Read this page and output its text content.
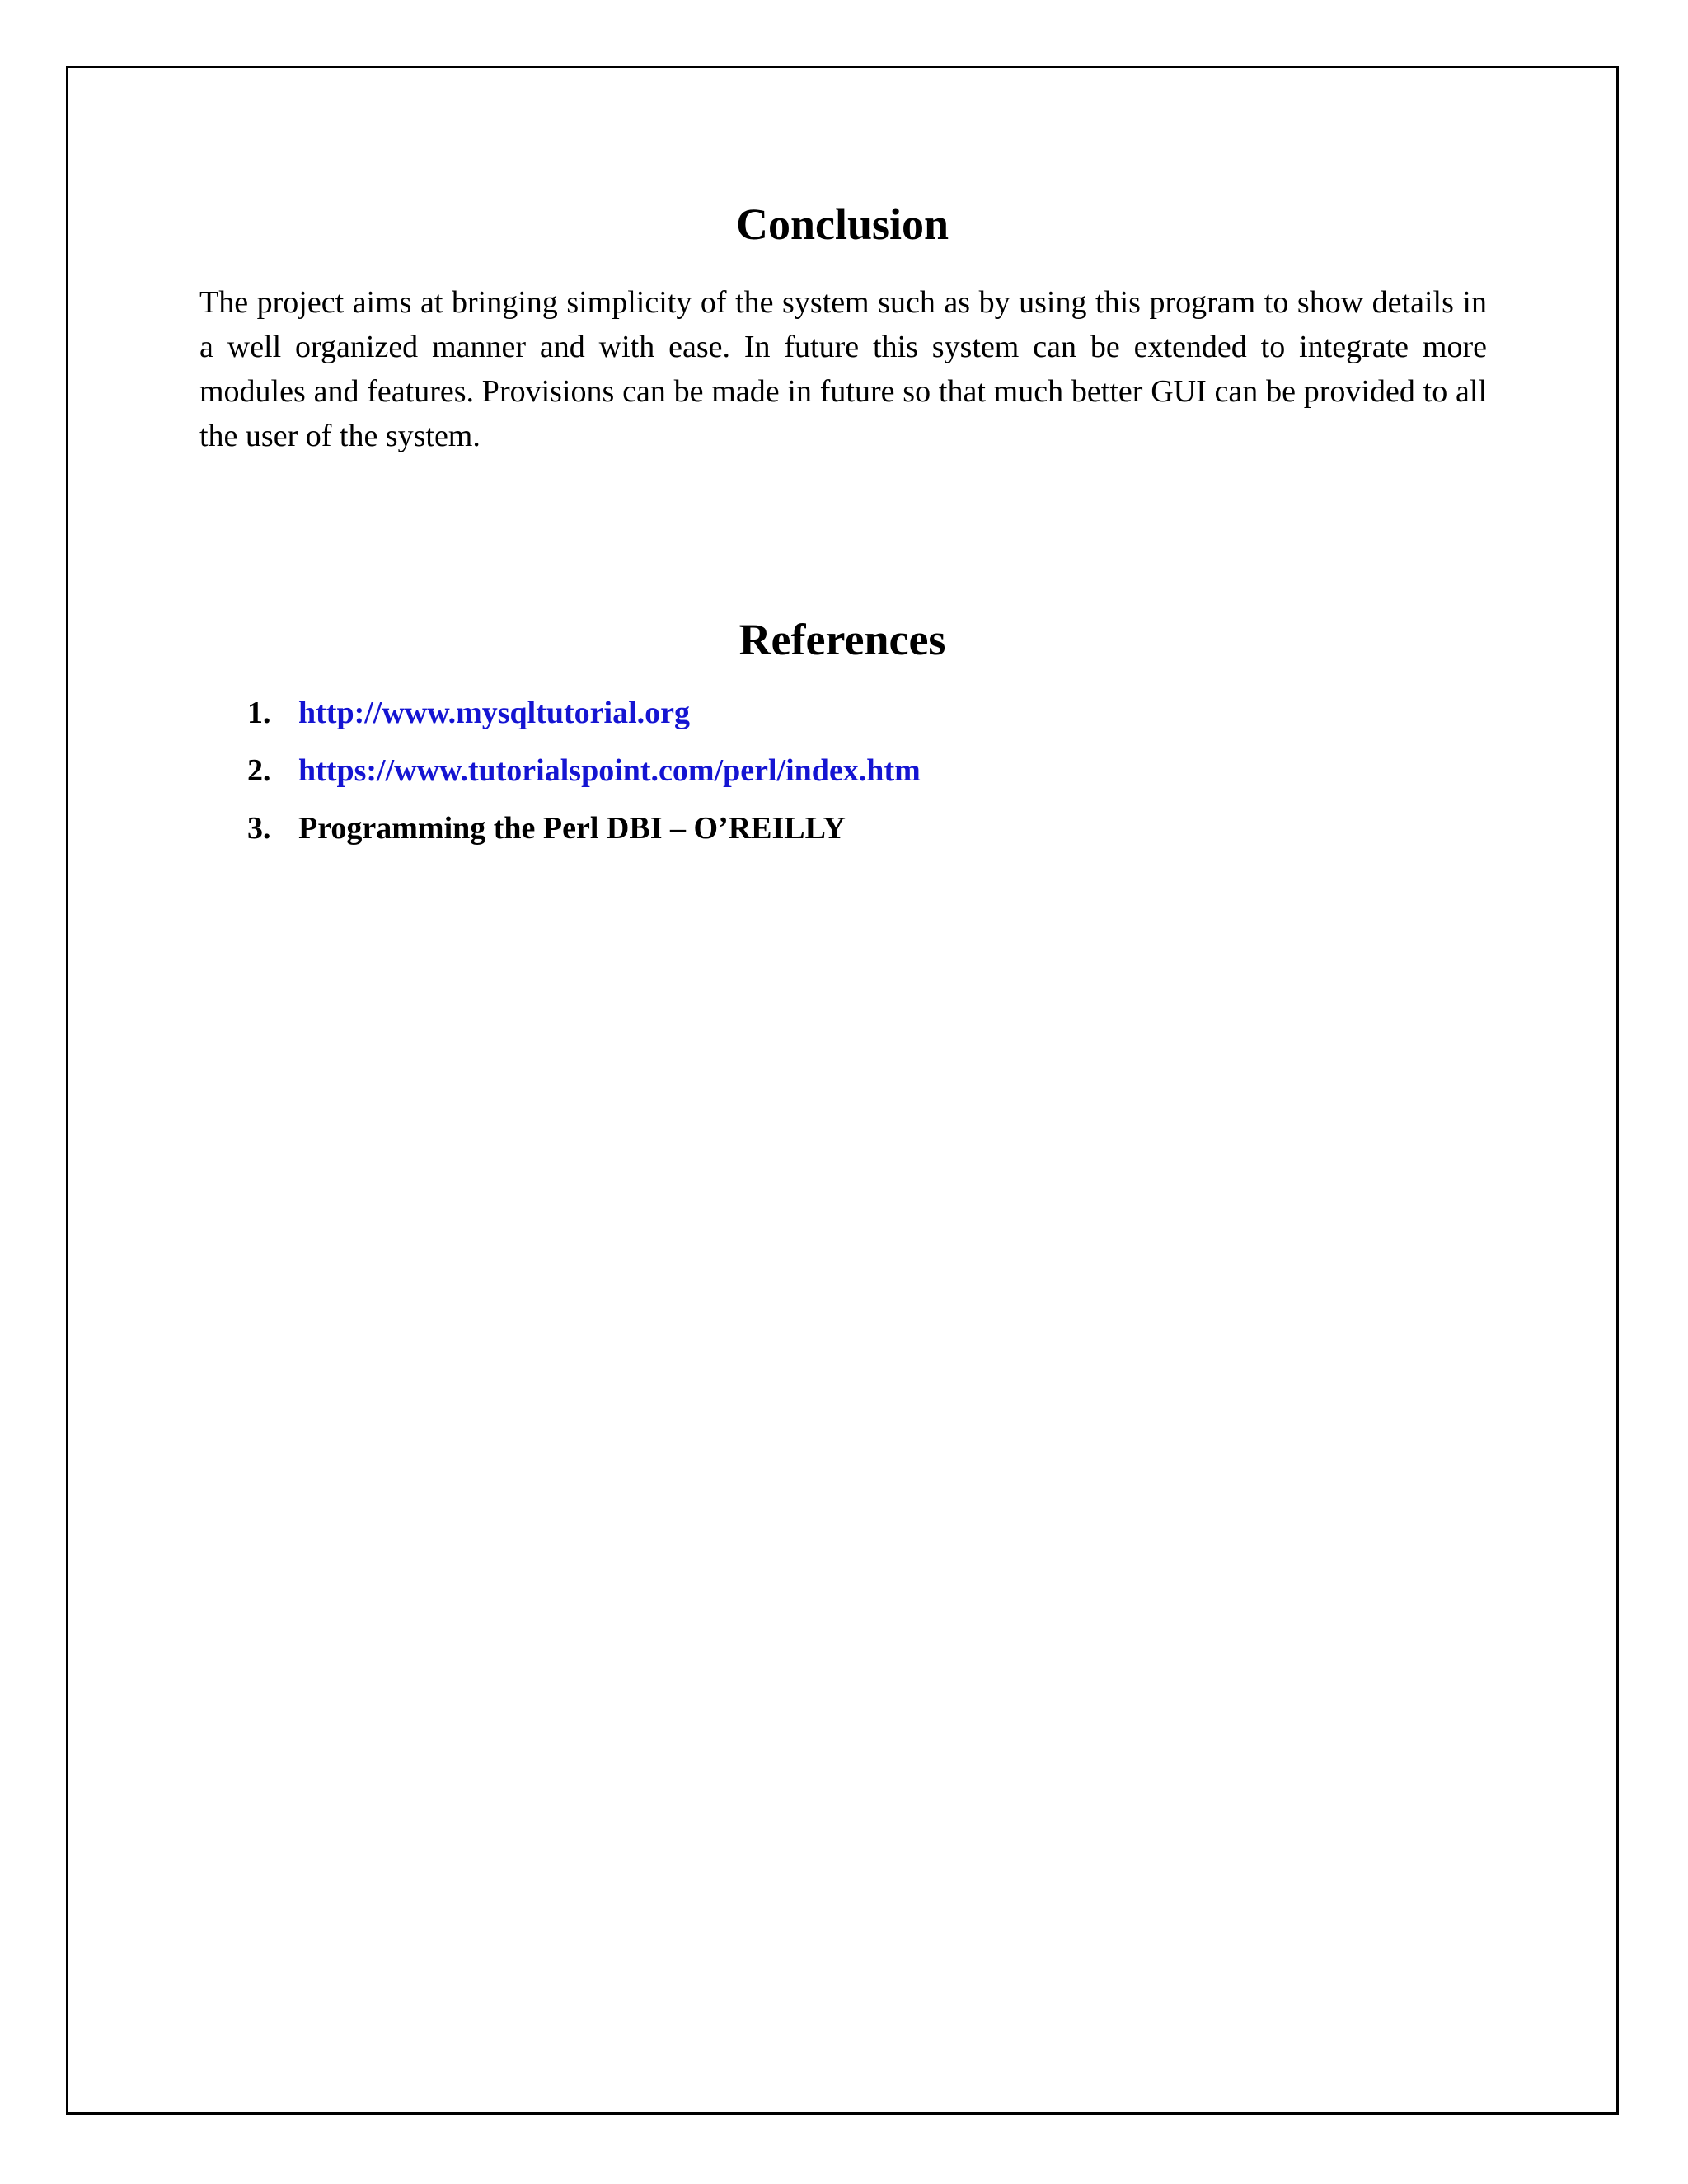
Conclusion

The project aims at bringing simplicity of the system such as by using this program to show details in a well organized manner and with ease. In future this system can be extended to integrate more modules and features. Provisions can be made in future so that much better GUI can be provided to all the user of the system.

References
1. http://www.mysqltutorial.org
2. https://www.tutorialspoint.com/perl/index.htm
3. Programming the Perl DBI – O’REILLY
